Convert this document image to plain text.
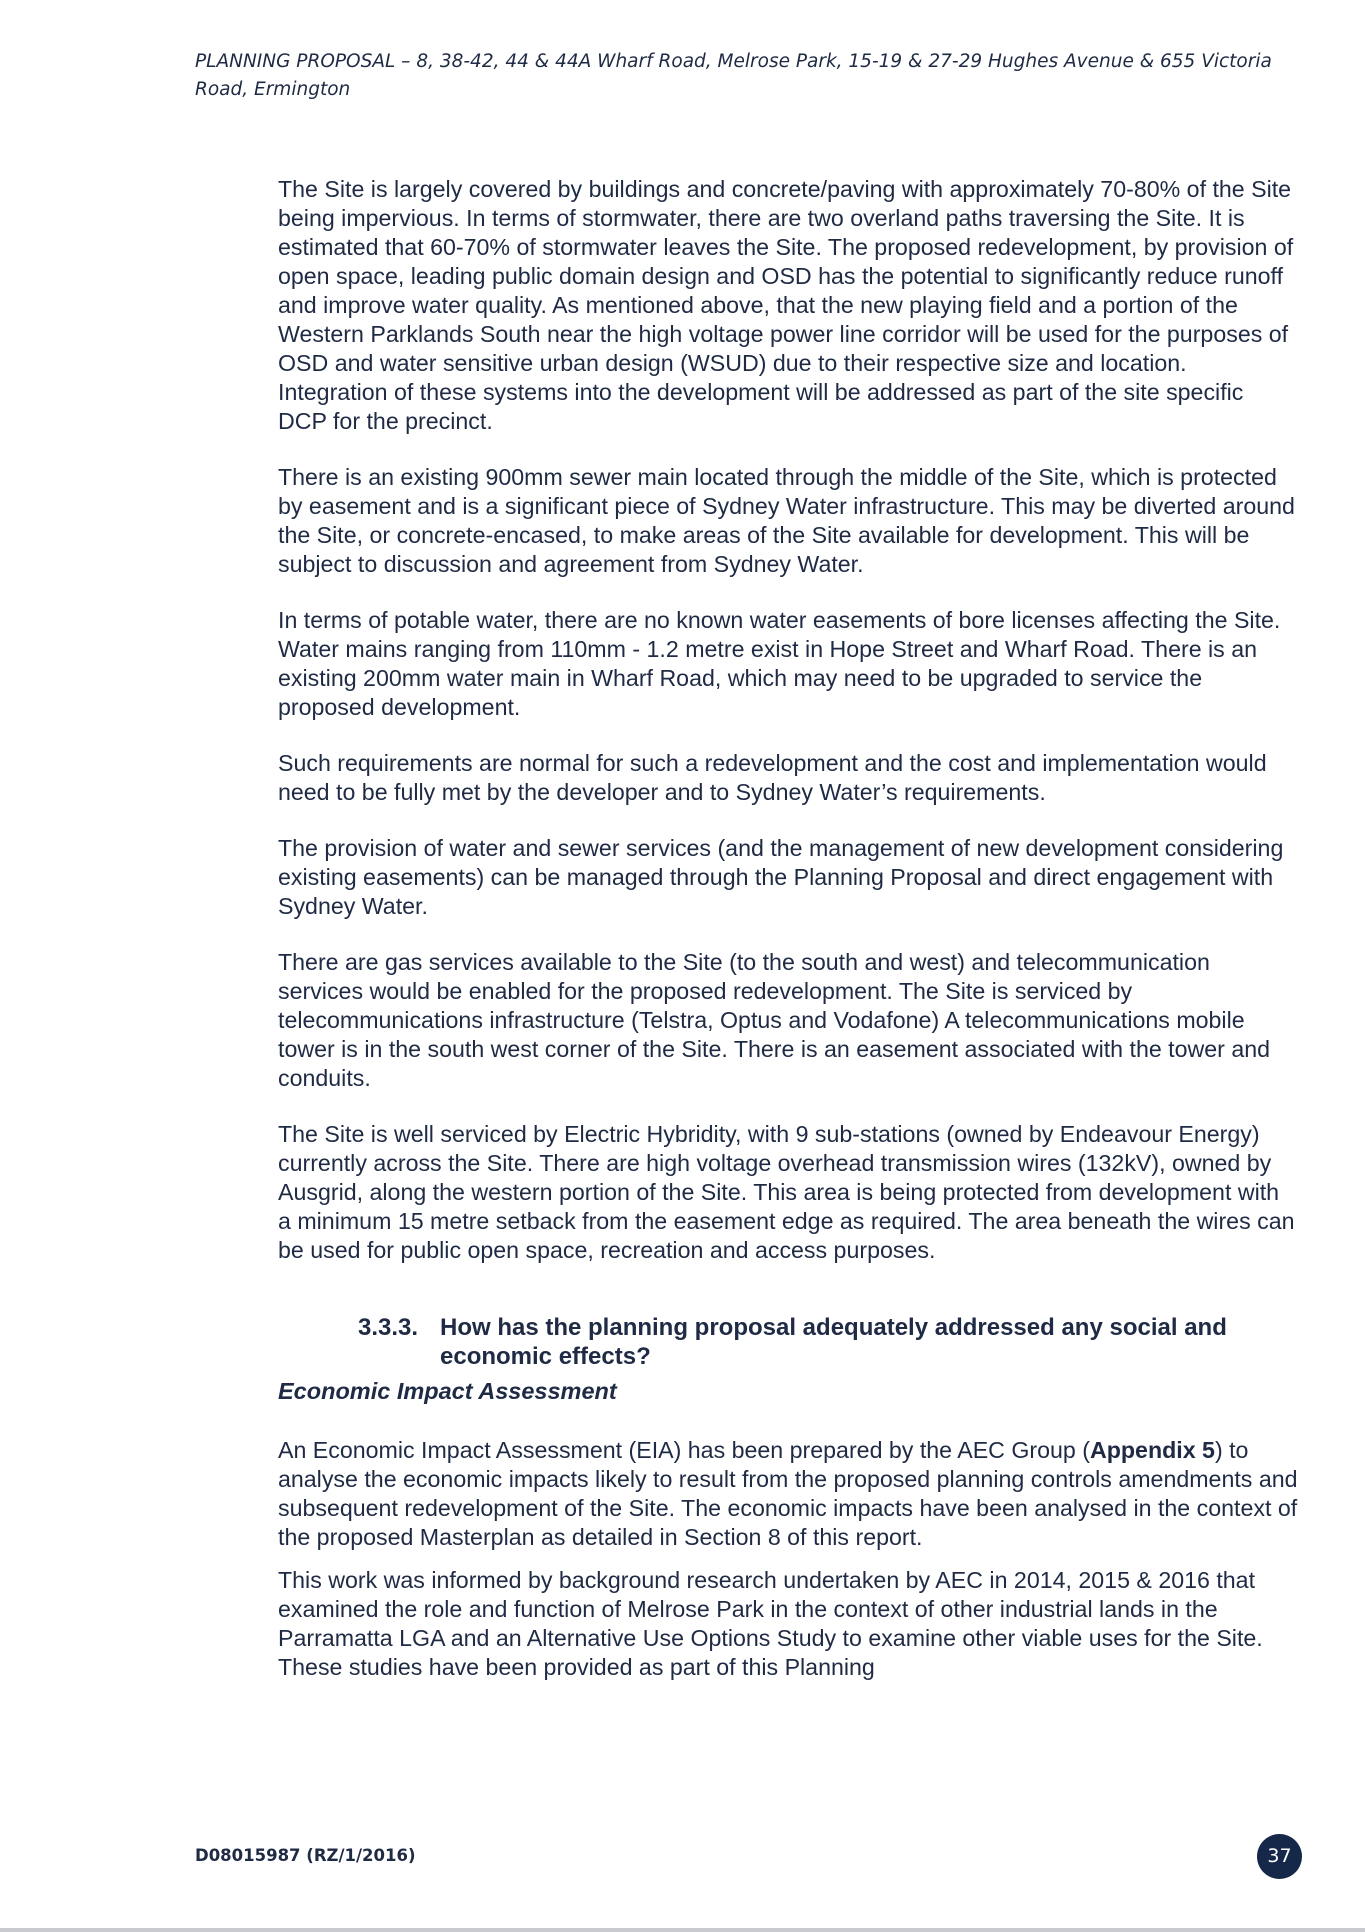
PLANNING PROPOSAL – 8, 38-42, 44 & 44A Wharf Road, Melrose Park, 15-19 & 27-29 Hughes Avenue & 655 Victoria Road, Ermington

The Site is largely covered by buildings and concrete/paving with approximately 70-80% of the Site being impervious. In terms of stormwater, there are two overland paths traversing the Site. It is estimated that 60-70% of stormwater leaves the Site. The proposed redevelopment, by provision of open space, leading public domain design and OSD has the potential to significantly reduce runoff and improve water quality. As mentioned above, that the new playing field and a portion of the Western Parklands South near the high voltage power line corridor will be used for the purposes of OSD and water sensitive urban design (WSUD) due to their respective size and location. Integration of these systems into the development will be addressed as part of the site specific DCP for the precinct.

There is an existing 900mm sewer main located through the middle of the Site, which is protected by easement and is a significant piece of Sydney Water infrastructure. This may be diverted around the Site, or concrete-encased, to make areas of the Site available for development. This will be subject to discussion and agreement from Sydney Water.

In terms of potable water, there are no known water easements of bore licenses affecting the Site. Water mains ranging from 110mm - 1.2 metre exist in Hope Street and Wharf Road. There is an existing 200mm water main in Wharf Road, which may need to be upgraded to service the proposed development.

Such requirements are normal for such a redevelopment and the cost and implementation would need to be fully met by the developer and to Sydney Water’s requirements.

The provision of water and sewer services (and the management of new development considering existing easements) can be managed through the Planning Proposal and direct engagement with Sydney Water.

There are gas services available to the Site (to the south and west) and telecommunication services would be enabled for the proposed redevelopment. The Site is serviced by telecommunications infrastructure (Telstra, Optus and Vodafone) A telecommunications mobile tower is in the south west corner of the Site. There is an easement associated with the tower and conduits.

The Site is well serviced by Electric Hybridity, with 9 sub-stations (owned by Endeavour Energy) currently across the Site. There are high voltage overhead transmission wires (132kV), owned by Ausgrid, along the western portion of the Site. This area is being protected from development with a minimum 15 metre setback from the easement edge as required. The area beneath the wires can be used for public open space, recreation and access purposes.

3.3.3. How has the planning proposal adequately addressed any social and economic effects?
Economic Impact Assessment

An Economic Impact Assessment (EIA) has been prepared by the AEC Group (Appendix 5) to analyse the economic impacts likely to result from the proposed planning controls amendments and subsequent redevelopment of the Site. The economic impacts have been analysed in the context of the proposed Masterplan as detailed in Section 8 of this report.

This work was informed by background research undertaken by AEC in 2014, 2015 & 2016 that examined the role and function of Melrose Park in the context of other industrial lands in the Parramatta LGA and an Alternative Use Options Study to examine other viable uses for the Site. These studies have been provided as part of this Planning

D08015987 (RZ/1/2016)	37
